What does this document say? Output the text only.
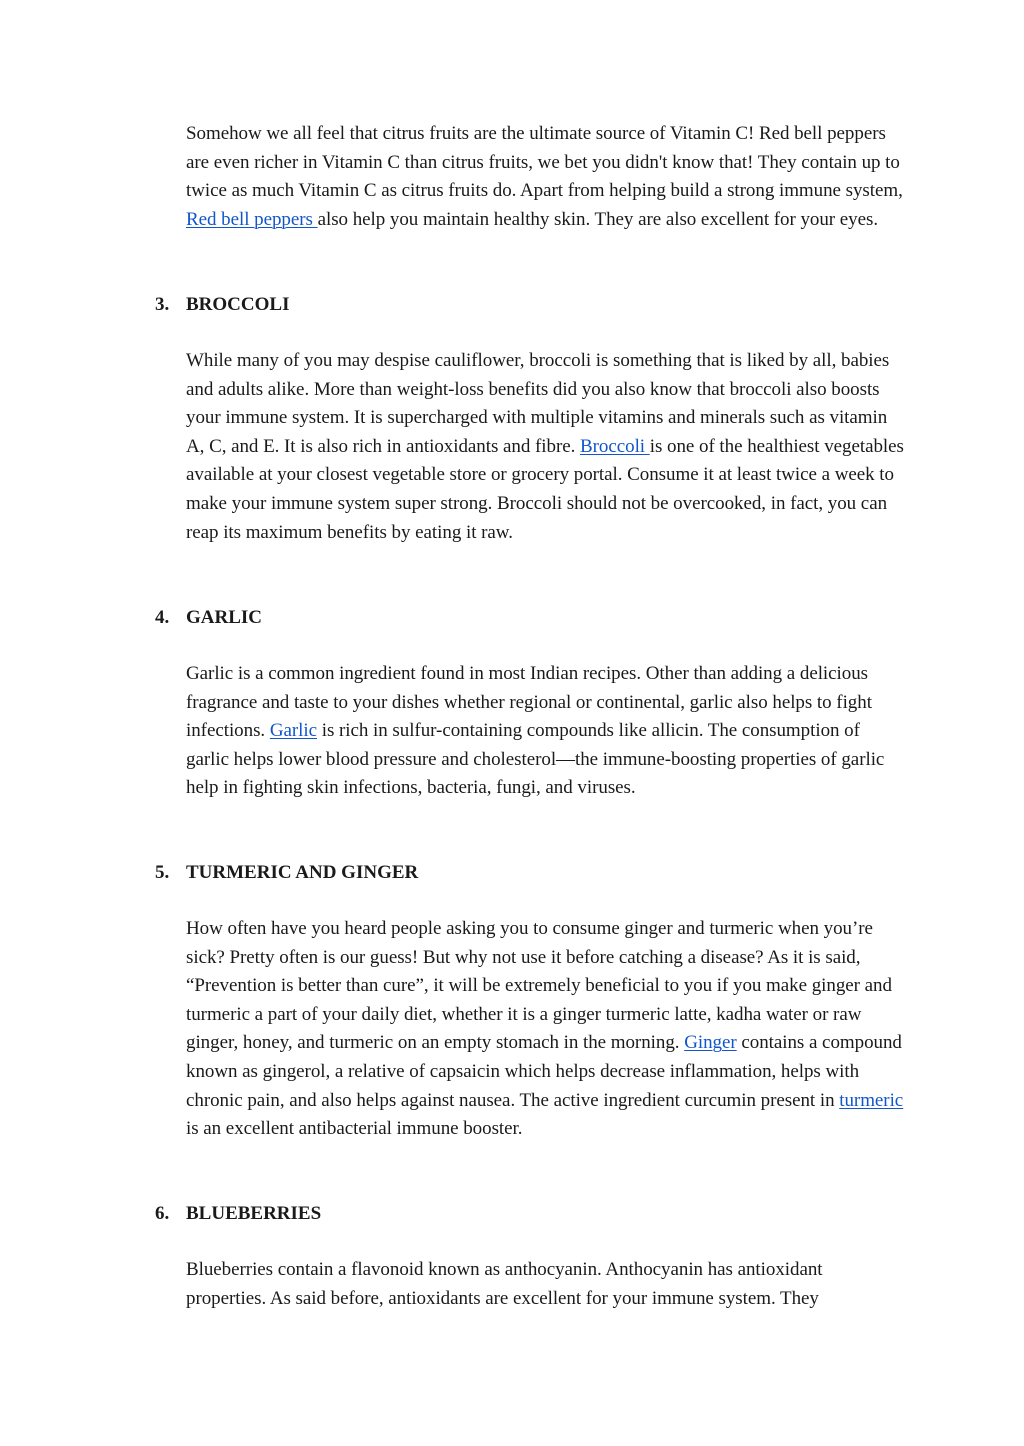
Somehow we all feel that citrus fruits are the ultimate source of Vitamin C! Red bell peppers are even richer in Vitamin C than citrus fruits, we bet you didn't know that! They contain up to twice as much Vitamin C as citrus fruits do. Apart from helping build a strong immune system, Red bell peppers also help you maintain healthy skin. They are also excellent for your eyes.

3. BROCCOLI

While many of you may despise cauliflower, broccoli is something that is liked by all, babies and adults alike. More than weight-loss benefits did you also know that broccoli also boosts your immune system. It is supercharged with multiple vitamins and minerals such as vitamin A, C, and E. It is also rich in antioxidants and fibre. Broccoli is one of the healthiest vegetables available at your closest vegetable store or grocery portal. Consume it at least twice a week to make your immune system super strong. Broccoli should not be overcooked, in fact, you can reap its maximum benefits by eating it raw.

4. GARLIC

Garlic is a common ingredient found in most Indian recipes. Other than adding a delicious fragrance and taste to your dishes whether regional or continental, garlic also helps to fight infections. Garlic is rich in sulfur-containing compounds like allicin. The consumption of garlic helps lower blood pressure and cholesterol—the immune-boosting properties of garlic help in fighting skin infections, bacteria, fungi, and viruses.

5. TURMERIC AND GINGER

How often have you heard people asking you to consume ginger and turmeric when you’re sick? Pretty often is our guess! But why not use it before catching a disease? As it is said, “Prevention is better than cure”, it will be extremely beneficial to you if you make ginger and turmeric a part of your daily diet, whether it is a ginger turmeric latte, kadha water or raw ginger, honey, and turmeric on an empty stomach in the morning. Ginger contains a compound known as gingerol, a relative of capsaicin which helps decrease inflammation, helps with chronic pain, and also helps against nausea. The active ingredient curcumin present in turmeric is an excellent antibacterial immune booster.

6. BLUEBERRIES

Blueberries contain a flavonoid known as anthocyanin. Anthocyanin has antioxidant properties. As said before, antioxidants are excellent for your immune system. They
